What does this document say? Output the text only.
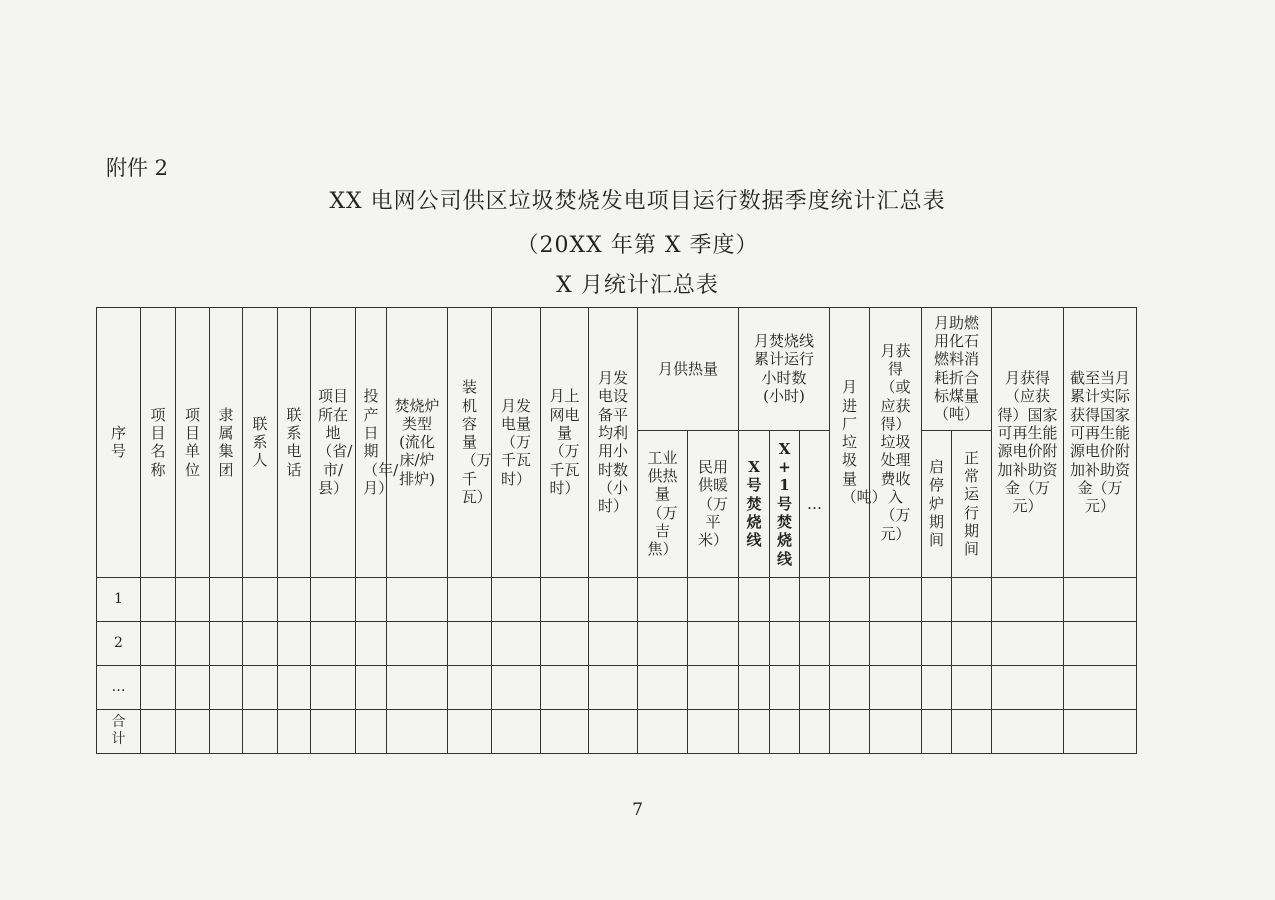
附件 2
XX 电网公司供区垃圾焚烧发电项目运行数据季度统计汇总表
（20XX 年第 X 季度）
X 月统计汇总表
序号	项目名称	项目单位	隶属集团	联系人	联系电话	项目所在地（省/市/县）	投产日期（年/月）	焚烧炉类型(流化床/炉排炉)	装机容量（万千瓦）	月发电量（万千瓦时）	月上网电量（万千瓦时）	月发电设备平均利用小时数（小时）	月供热量		月焚烧线累计运行小时数(小时)			月进厂垃圾量（吨）	月获得（或应获得）垃圾处理费收入（万元）	月助燃用化石燃料消耗折合标煤量（吨）		月获得（应获得）国家可再生能源电价附加补助资金（万元）	截至当月累计实际获得国家可再生能源电价附加补助资金（万元）
													工业供热量（万吉焦）	民用供暖（万平米）	X号焚烧线	X+1号焚烧线	…			启停炉期间	正常运行期间		
1																							
2																							
…																							
合计																							
7
